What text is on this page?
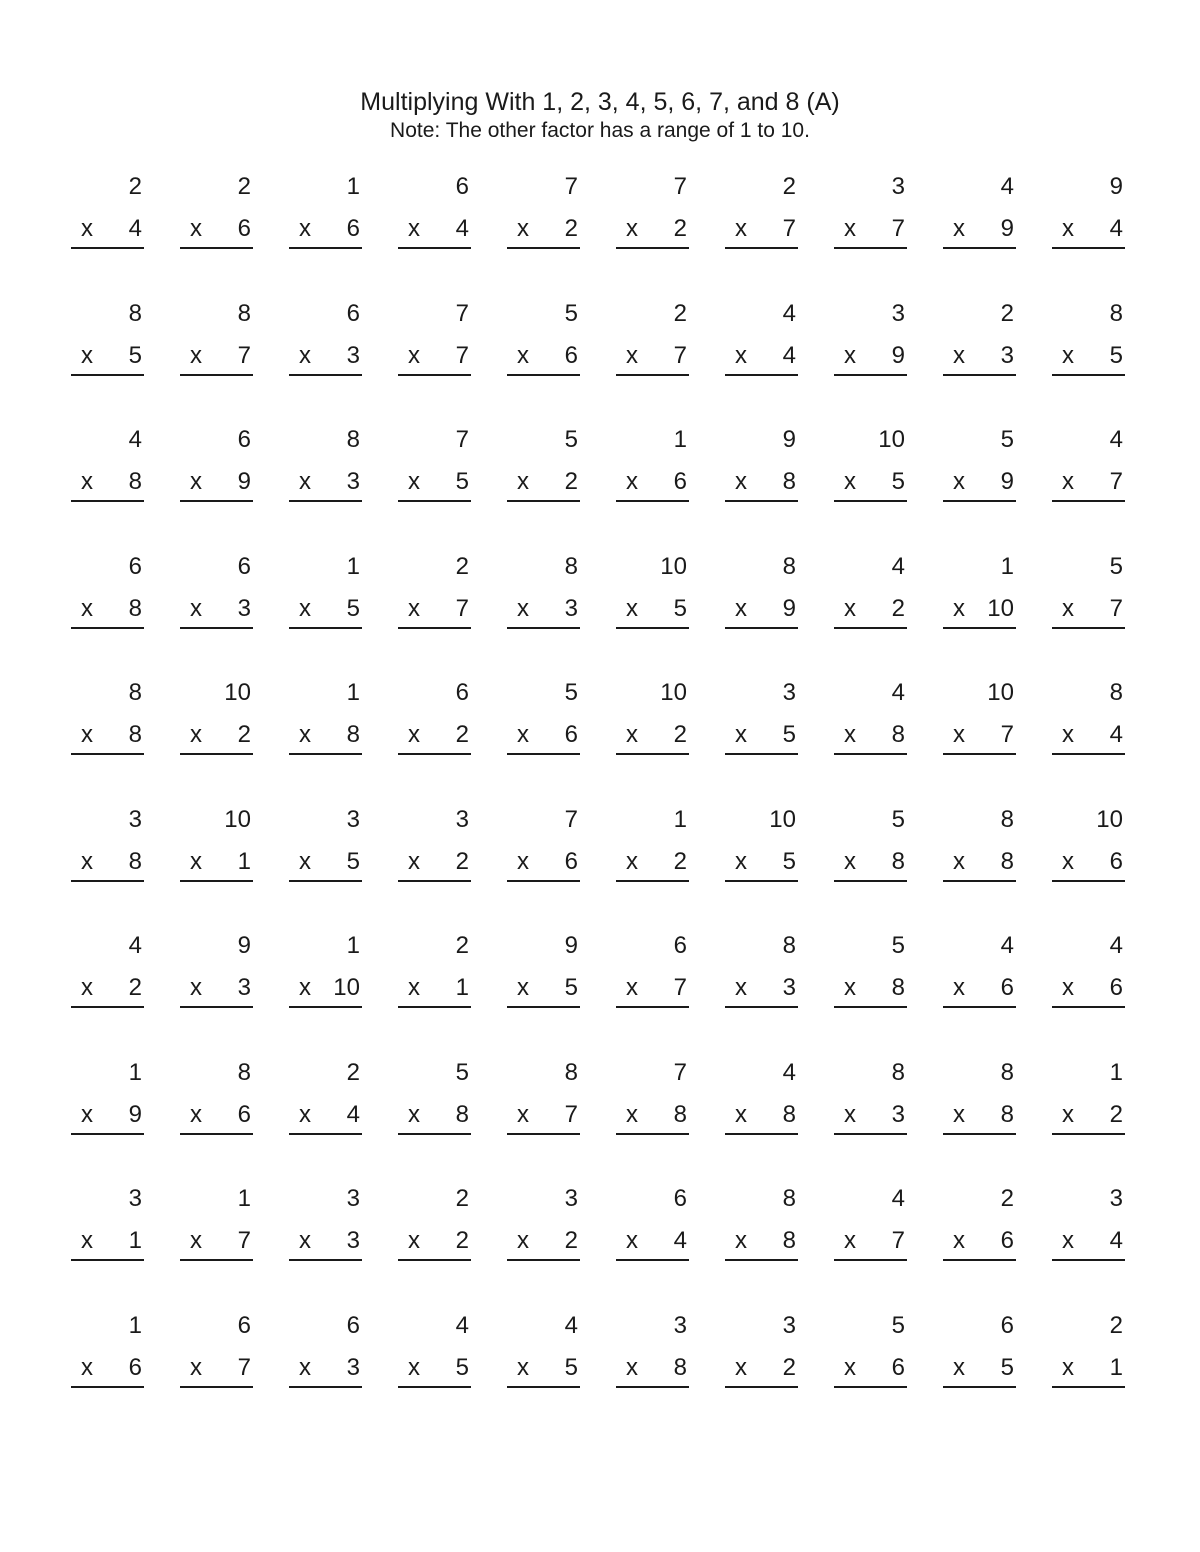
Multiplying With 1, 2, 3, 4, 5, 6, 7, and 8 (A)

Note: The other factor has a range of 1 to 10.

2
x 4
2
x 6
1
x 6
6
x 4
7
x 2
7
x 2
2
x 7
3
x 7
4
x 9
9
x 4
8
x 5
8
x 7
6
x 3
7
x 7
5
x 6
2
x 7
4
x 4
3
x 9
2
x 3
8
x 5
4
x 8
6
x 9
8
x 3
7
x 5
5
x 2
1
x 6
9
x 8
10
x 5
5
x 9
4
x 7
6
x 8
6
x 3
1
x 5
2
x 7
8
x 3
10
x 5
8
x 9
4
x 2
1
x 10
5
x 7
8
x 8
10
x 2
1
x 8
6
x 2
5
x 6
10
x 2
3
x 5
4
x 8
10
x 7
8
x 4
3
x 8
10
x 1
3
x 5
3
x 2
7
x 6
1
x 2
10
x 5
5
x 8
8
x 8
10
x 6
4
x 2
9
x 3
1
x 10
2
x 1
9
x 5
6
x 7
8
x 3
5
x 8
4
x 6
4
x 6
1
x 9
8
x 6
2
x 4
5
x 8
8
x 7
7
x 8
4
x 8
8
x 3
8
x 8
1
x 2
3
x 1
1
x 7
3
x 3
2
x 2
3
x 2
6
x 4
8
x 8
4
x 7
2
x 6
3
x 4
1
x 6
6
x 7
6
x 3
4
x 5
4
x 5
3
x 8
3
x 2
5
x 6
6
x 5
2
x 1
